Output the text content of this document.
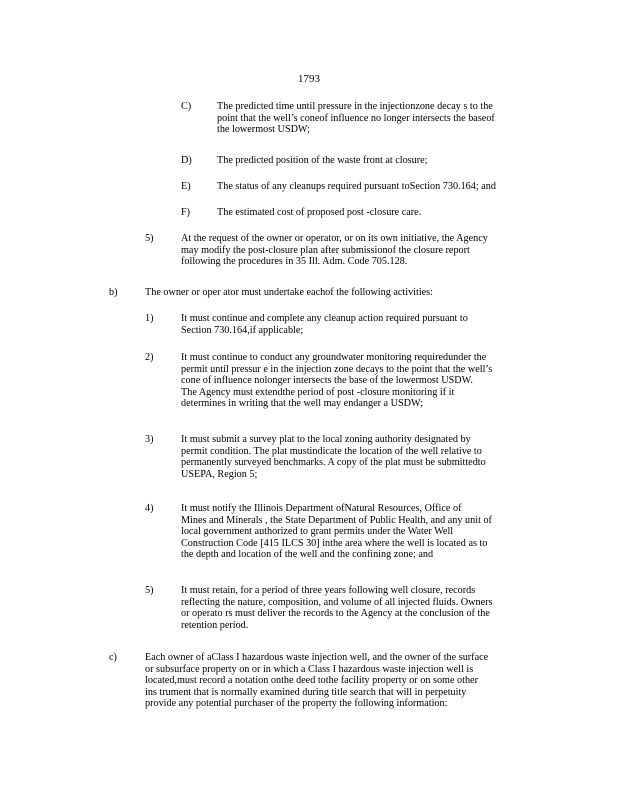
1793
C)	The predicted time until pressure in the injectionzone decay s to the
point that the well’s coneof influence no longer intersects the baseof
the lowermost USDW;
D) The predicted position of the waste front at closure;
E)	The status of any cleanups required pursuant toSection 730.164; and
F)	The estimated cost of proposed post -closure care.
5)	At the request of the owner or operator, or on its own initiative, the Agency
may modify the post-closure plan after submissionof the closure report
following the procedures in 35 Ill. Adm. Code 705.128.
b)	The owner or oper ator must undertake eachof the following activities:
1)	It must continue and complete any cleanup action required pursuant to
Section 730.164,if applicable;
2)	It must continue to conduct any groundwater monitoring requiredunder the
permit until pressur e in the injection zone decays to the point that the well’s
cone of influence nolonger intersects the base of the lowermost USDW.
The Agency must extendthe period of post -closure monitoring if it
determines in writing that the well may endanger a USDW;
3)	It must submit a survey plat to the local zoning authority designated by
permit condition. The plat mustindicate the location of the well relative to
permanently surveyed benchmarks. A copy of the plat must be submittedto
USEPA, Region 5;
4)	It must notify the Illinois Department ofNatural Resources, Office of
Mines and Minerals , the State Department of Public Health, and any unit of
local government authorized to grant permits under the Water Well
Construction Code [415 ILCS 30] inthe area where the well is located as to
the depth and location of the well and the confining zone; and
5)	It must retain, for a period of three years following well closure, records
reflecting the nature, composition, and volume of all injected fluids. Owners
or operato rs must deliver the records to the Agency at the conclusion of the
retention period.
c)	Each owner of aClass I hazardous waste injection well, and the owner of the surface
or subsurface property on or in which a Class I hazardous waste injection well is
located,must record a notation onthe deed tothe facility property or on some other
ins trument that is normally examined during title search that will in perpetuity
provide any potential purchaser of the property the following information:
